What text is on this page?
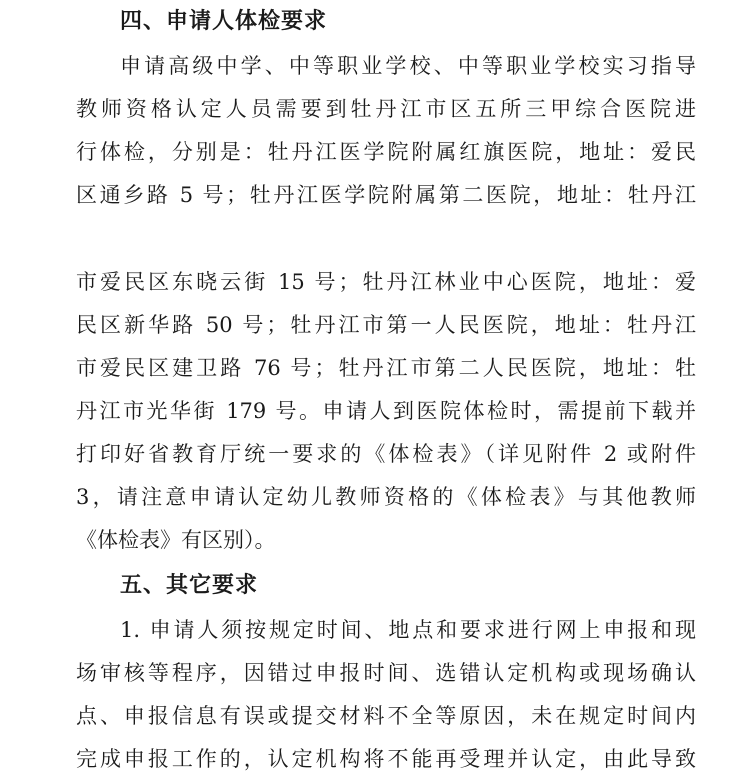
四、申请人体检要求
申请高级中学、中等职业学校、中等职业学校实习指导
教师资格认定人员需要到牡丹江市区五所三甲综合医院进
行体检，分别是：牡丹江医学院附属红旗医院，地址：爱民
区通乡路 5 号；牡丹江医学院附属第二医院，地址：牡丹江
市爱民区东晓云街 15 号；牡丹江林业中心医院，地址：爱
民区新华路 50 号；牡丹江市第一人民医院，地址：牡丹江
市爱民区建卫路 76 号；牡丹江市第二人民医院，地址：牡
丹江市光华街 179 号。申请人到医院体检时，需提前下载并
打印好省教育厅统一要求的《体检表》（详见附件 2 或附件
3，请注意申请认定幼儿教师资格的《体检表》与其他教师
《体检表》有区别）。
五、其它要求
1. 申请人须按规定时间、地点和要求进行网上申报和现
场审核等程序，因错过申报时间、选错认定机构或现场确认
点、申报信息有误或提交材料不全等原因，未在规定时间内
完成申报工作的，认定机构将不能再受理并认定，由此导致
